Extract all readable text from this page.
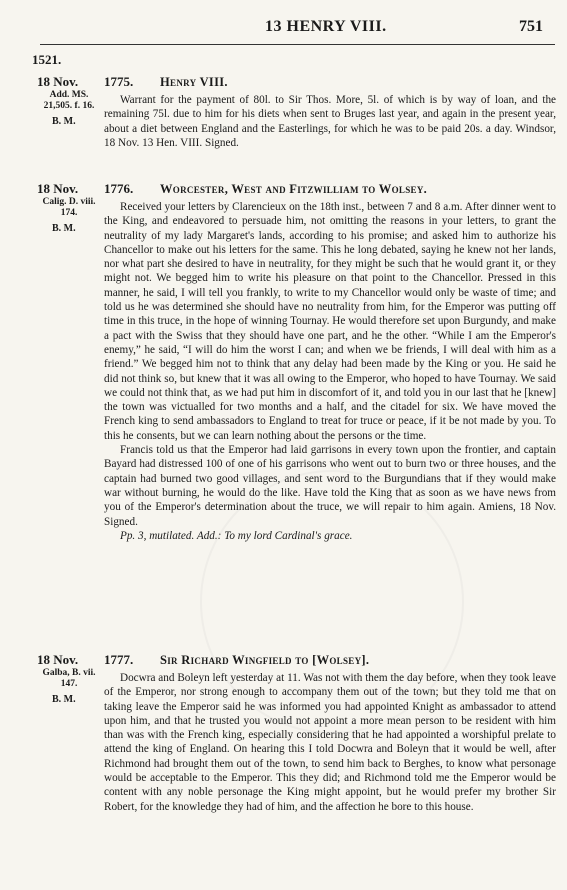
13 HENRY VIII.	751
1521.
18 Nov.
Add. MS. 21,505. f. 16.
B. M.
1775. Henry VIII.

Warrant for the payment of 80l. to Sir Thos. More, 5l. of which is by way of loan, and the remaining 75l. due to him for his diets when sent to Bruges last year, and again in the present year, about a diet between England and the Easterlings, for which he was to be paid 20s. a day. Windsor, 18 Nov. 13 Hen. VIII. Signed.

18 Nov.
Calig. D. viii. 174.
B. M.
1776. Worcester, West and Fitzwilliam to Wolsey.

Received your letters by Clarencieux on the 18th inst., between 7 and 8 a.m. After dinner went to the King, and endeavored to persuade him, not omitting the reasons in your letters, to grant the neutrality of my lady Margaret's lands, according to his promise; and asked him to authorize his Chancellor to make out his letters for the same. This he long debated, saying he knew not her lands, nor what part she desired to have in neutrality, for they might be such that he would grant it, or they might not. We begged him to write his pleasure on that point to the Chancellor. Pressed in this manner, he said, I will tell you frankly, to write to my Chancellor would only be waste of time; and told us he was determined she should have no neutrality from him, for the Emperor was putting off time in this truce, in the hope of winning Tournay. He would therefore set upon Burgundy, and make a pact with the Swiss that they should have one part, and he the other. “While I am the Emperor's enemy,” he said, “I will do him the worst I can; and when we be friends, I will deal with him as a friend.” We begged him not to think that any delay had been made by the King or you. He said he did not think so, but knew that it was all owing to the Emperor, who hoped to have Tournay. We said we could not think that, as we had put him in discomfort of it, and told you in our last that he [knew] the town was victualled for two months and a half, and the citadel for six. We have moved the French king to send ambassadors to England to treat for truce or peace, if it be not made by you. To this he consents, but we can learn nothing about the persons or the time.

Francis told us that the Emperor had laid garrisons in every town upon the frontier, and captain Bayard had distressed 100 of one of his garrisons who went out to burn two or three houses, and the captain had burned two good villages, and sent word to the Burgundians that if they would make war without burning, he would do the like. Have told the King that as soon as we have news from you of the Emperor's determination about the truce, we will repair to him again. Amiens, 18 Nov. Signed.

Pp. 3, mutilated. Add.: To my lord Cardinal's grace.

18 Nov.
Galba, B. vii. 147.
B. M.
1777. Sir Richard Wingfield to [Wolsey].

Docwra and Boleyn left yesterday at 11. Was not with them the day before, when they took leave of the Emperor, nor strong enough to accompany them out of the town; but they told me that on taking leave the Emperor said he was informed you had appointed Knight as ambassador to attend upon him, and that he trusted you would not appoint a more mean person to be resident with him than was with the French king, especially considering that he had appointed a worshipful prelate to attend the king of England. On hearing this I told Docwra and Boleyn that it would be well, after Richmond had brought them out of the town, to send him back to Berghes, to know what personage would be acceptable to the Emperor. This they did; and Richmond told me the Emperor would be content with any noble personage the King might appoint, but he would prefer my brother Sir Robert, for the knowledge they had of him, and the affection he bore to this house.
